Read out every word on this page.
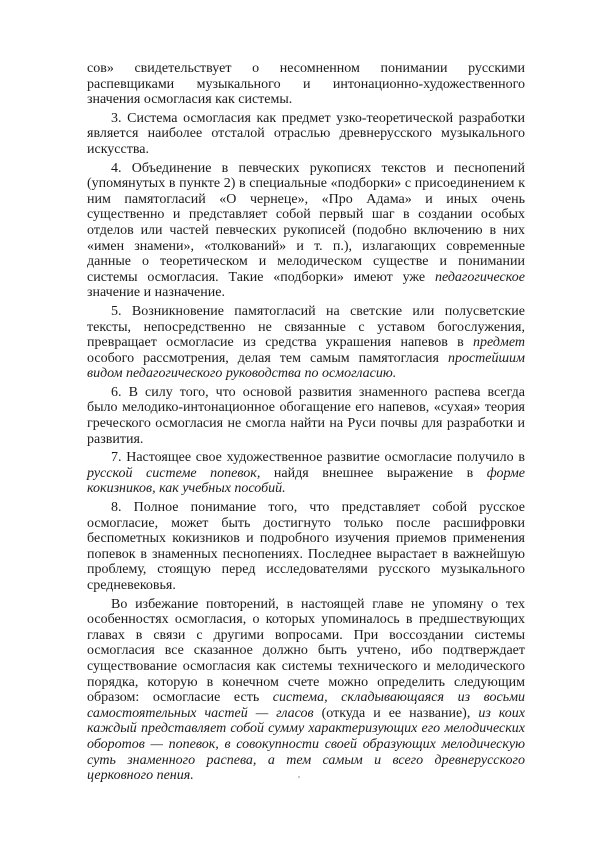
сов» свидетельствует о несомненном понимании русскими распевщиками музыкального и интонационно-художественного значения осмогласия как системы.

3. Система осмогласия как предмет узко-теоретической разработки является наиболее отсталой отраслью древнерусского музыкального искусства.

4. Объединение в певческих рукописях текстов и песнопений (упомянутых в пункте 2) в специальные «подборки» с присоединением к ним памятогласий «О чернеце», «Про Адама» и иных очень существенно и представляет собой первый шаг в создании особых отделов или частей певческих рукописей (подобно включению в них «имен знамени», «толкований» и т. п.), излагающих современные данные о теоретическом и мелодическом существе и понимании системы осмогласия. Такие «подборки» имеют уже педагогическое значение и назначение.

5. Возникновение памятогласий на светские или полусветские тексты, непосредственно не связанные с уставом богослужения, превращает осмогласие из средства украшения напевов в предмет особого рассмотрения, делая тем самым памятогласия простейшим видом педагогического руководства по осмогласию.

6. В силу того, что основой развития знаменного распева всегда было мелодико-интонационное обогащение его напевов, «сухая» теория греческого осмогласия не смогла найти на Руси почвы для разработки и развития.

7. Настоящее свое художественное развитие осмогласие получило в русской системе попевок, найдя внешнее выражение в форме кокизников, как учебных пособий.

8. Полное понимание того, что представляет собой русское осмогласие, может быть достигнуто только после расшифровки беспометных кокизников и подробного изучения приемов применения попевок в знаменных песнопениях. Последнее вырастает в важнейшую проблему, стоящую перед исследователями русского музыкального средневековья.

Во избежание повторений, в настоящей главе не упомяну о тех особенностях осмогласия, о которых упоминалось в предшествующих главах в связи с другими вопросами. При воссоздании системы осмогласия все сказанное должно быть учтено, ибо подтверждает существование осмогласия как системы технического и мелодического порядка, которую в конечном счете можно определить следующим образом: осмогласие есть система, складывающаяся из восьми самостоятельных частей — гласов (откуда и ее название), из коих каждый представляет собой сумму характеризующих его мелодических оборотов — попевок, в совокупности своей образующих мелодическую суть знаменного распева, а тем самым и всего древнерусского церковного пения.
